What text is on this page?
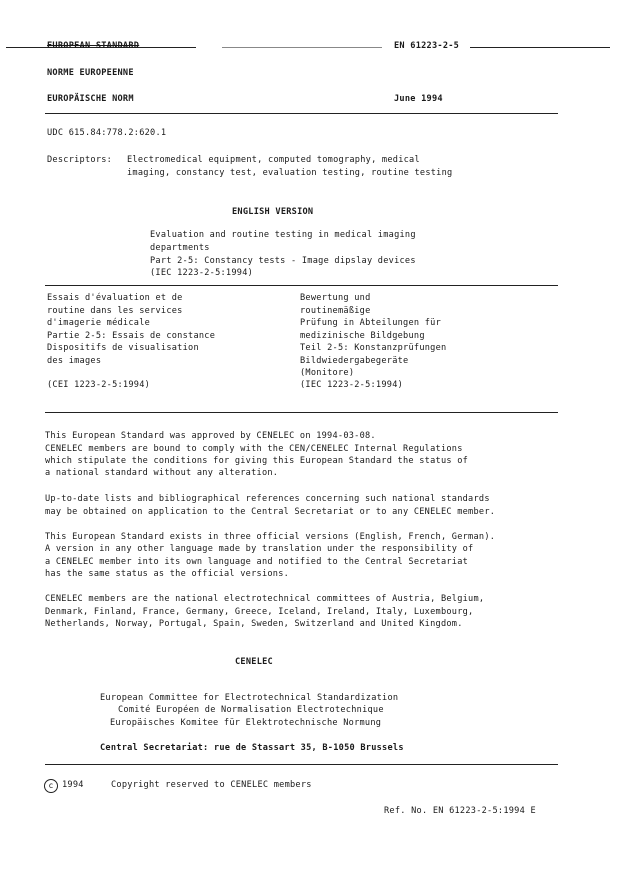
EUROPEAN STANDARD	EN 61223-2-5
NORME EUROPEENNE
EUROPÄISCHE NORM	June 1994
UDC 615.84:778.2:620.1
Descriptors: Electromedical equipment, computed tomography, medical
imaging, constancy test, evaluation testing, routine testing
ENGLISH VERSION
Evaluation and routine testing in medical imaging
departments
Part 2-5: Constancy tests - Image dipslay devices
(IEC 1223-2-5:1994)
Essais d'évaluation et de
routine dans les services
d'imagerie médicale
Partie 2-5: Essais de constance
Dispositifs de visualisation
des images
(CEI 1223-2-5:1994)
Bewertung und
routinemäßige
Prüfung in Abteilungen für
medizinische Bildgebung
Teil 2-5: Konstanzprüfungen
Bildwiedergabegeräte
(Monitore)
(IEC 1223-2-5:1994)
This European Standard was approved by CENELEC on 1994-03-08.
CENELEC members are bound to comply with the CEN/CENELEC Internal Regulations
which stipulate the conditions for giving this European Standard the status of
a national standard without any alteration.
Up-to-date lists and bibliographical references concerning such national standards
may be obtained on application to the Central Secretariat or to any CENELEC member.
This European Standard exists in three official versions (English, French, German).
A version in any other language made by translation under the responsibility of
a CENELEC member into its own language and notified to the Central Secretariat
has the same status as the official versions.
CENELEC members are the national electrotechnical committees of Austria, Belgium,
Denmark, Finland, France, Germany, Greece, Iceland, Ireland, Italy, Luxembourg,
Netherlands, Norway, Portugal, Spain, Sweden, Switzerland and United Kingdom.
CENELEC
European Committee for Electrotechnical Standardization
Comité Européen de Normalisation Electrotechnique
Europäisches Komitee für Elektrotechnische Normung
Central Secretariat: rue de Stassart 35, B-1050 Brussels
c 1994	Copyright reserved to CENELEC members
Ref. No. EN 61223-2-5:1994 E
